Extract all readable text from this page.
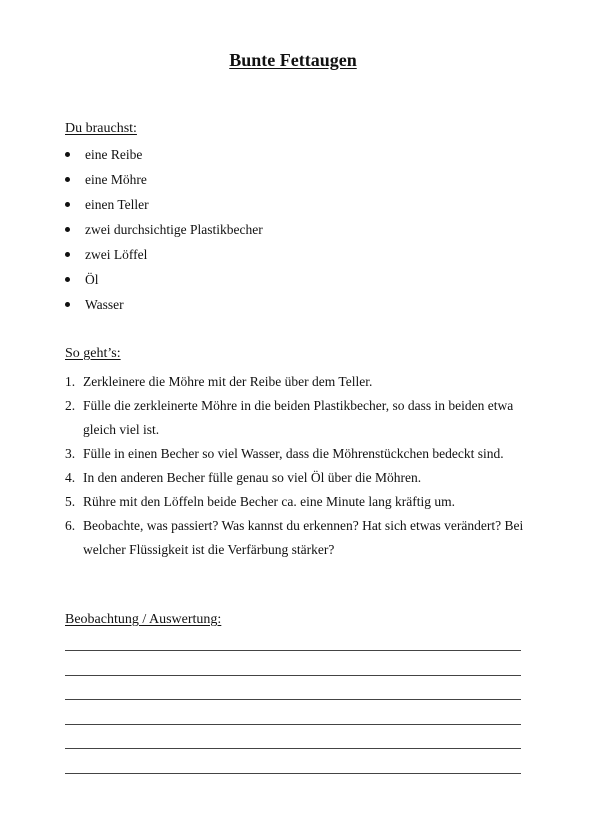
Bunte Fettaugen
Du brauchst:
eine Reibe
eine Möhre
einen Teller
zwei durchsichtige Plastikbecher
zwei Löffel
Öl
Wasser
So geht’s:
1. Zerkleinere die Möhre mit der Reibe über dem Teller.
2. Fülle die zerkleinerte Möhre in die beiden Plastikbecher, so dass in beiden etwa gleich viel ist.
3. Fülle in einen Becher so viel Wasser, dass die Möhrenstückchen bedeckt sind.
4. In den anderen Becher fülle genau so viel Öl über die Möhren.
5. Rühre mit den Löffeln beide Becher ca. eine Minute lang kräftig um.
6. Beobachte, was passiert? Was kannst du erkennen? Hat sich etwas verändert? Bei welcher Flüssigkeit ist die Verfärbung stärker?
Beobachtung / Auswertung:
